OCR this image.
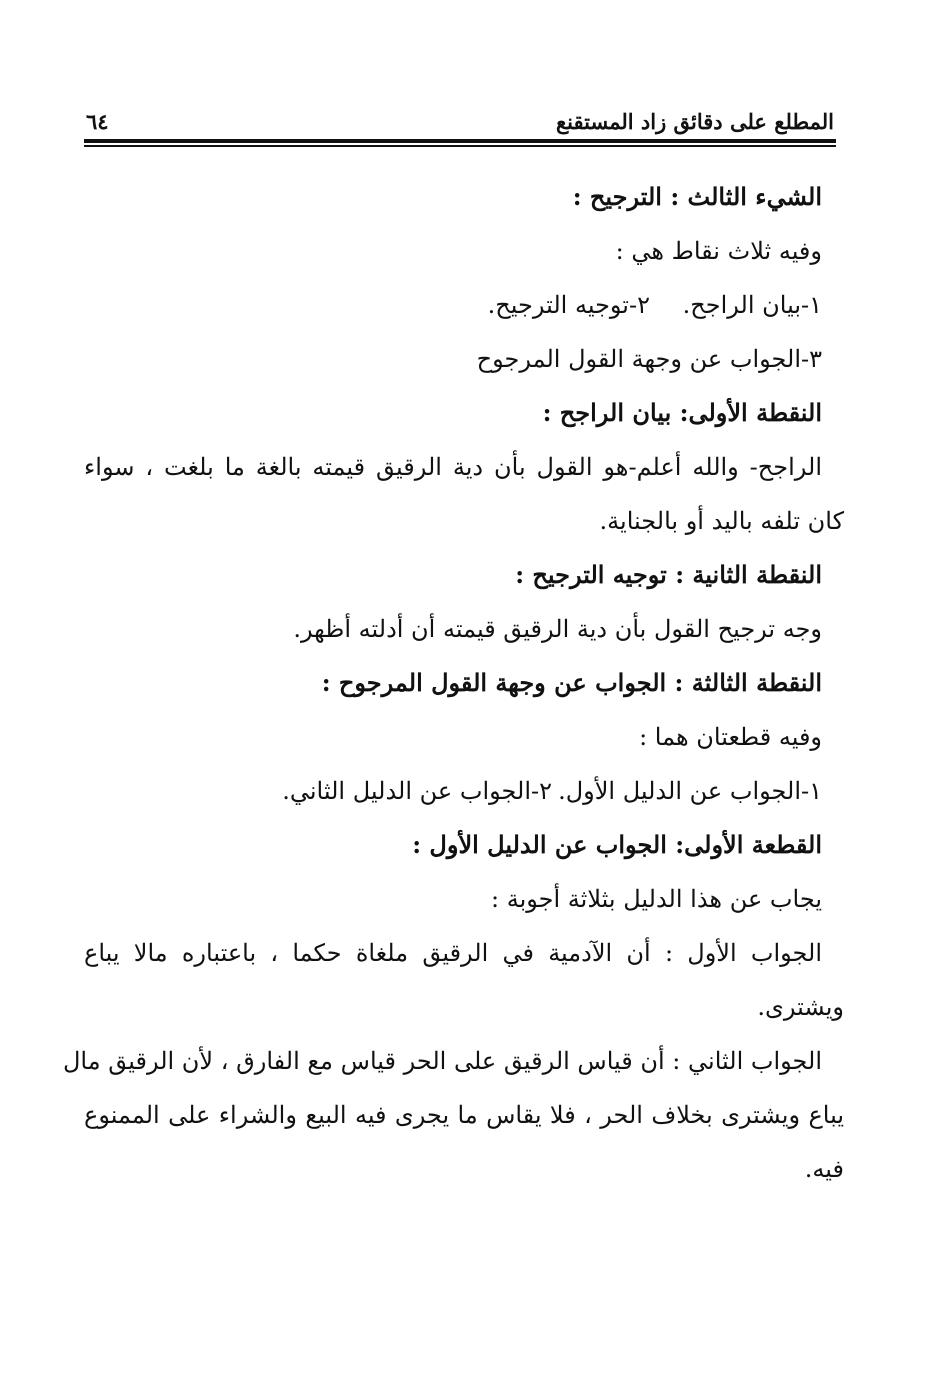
المطلع على دقائق زاد المستقنع
٦٤
الشيء الثالث : الترجيح :
وفيه ثلاث نقاط هي :
١-بيان الراجح.
٢-توجيه الترجيح.
٣-الجواب عن وجهة القول المرجوح
النقطة الأولى: بيان الراجح :
الراجح- والله أعلم-هو القول بأن دية الرقيق قيمته بالغة ما بلغت ، سواء
كان تلفه باليد أو بالجناية.
النقطة الثانية : توجيه الترجيح :
وجه ترجيح القول بأن دية الرقيق قيمته أن أدلته أظهر.
النقطة الثالثة : الجواب عن وجهة القول المرجوح :
وفيه قطعتان هما :
١-الجواب عن الدليل الأول.
٢-الجواب عن الدليل الثاني.
القطعة الأولى: الجواب عن الدليل الأول :
يجاب عن هذا الدليل بثلاثة أجوبة :
الجواب الأول : أن الآدمية في الرقيق ملغاة حكما ، باعتباره مالا يباع
ويشترى.
الجواب الثاني : أن قياس الرقيق على الحر قياس مع الفارق ، لأن الرقيق مال
يباع ويشترى بخلاف الحر ، فلا يقاس ما يجرى فيه البيع والشراء على الممنوع
فيه.
